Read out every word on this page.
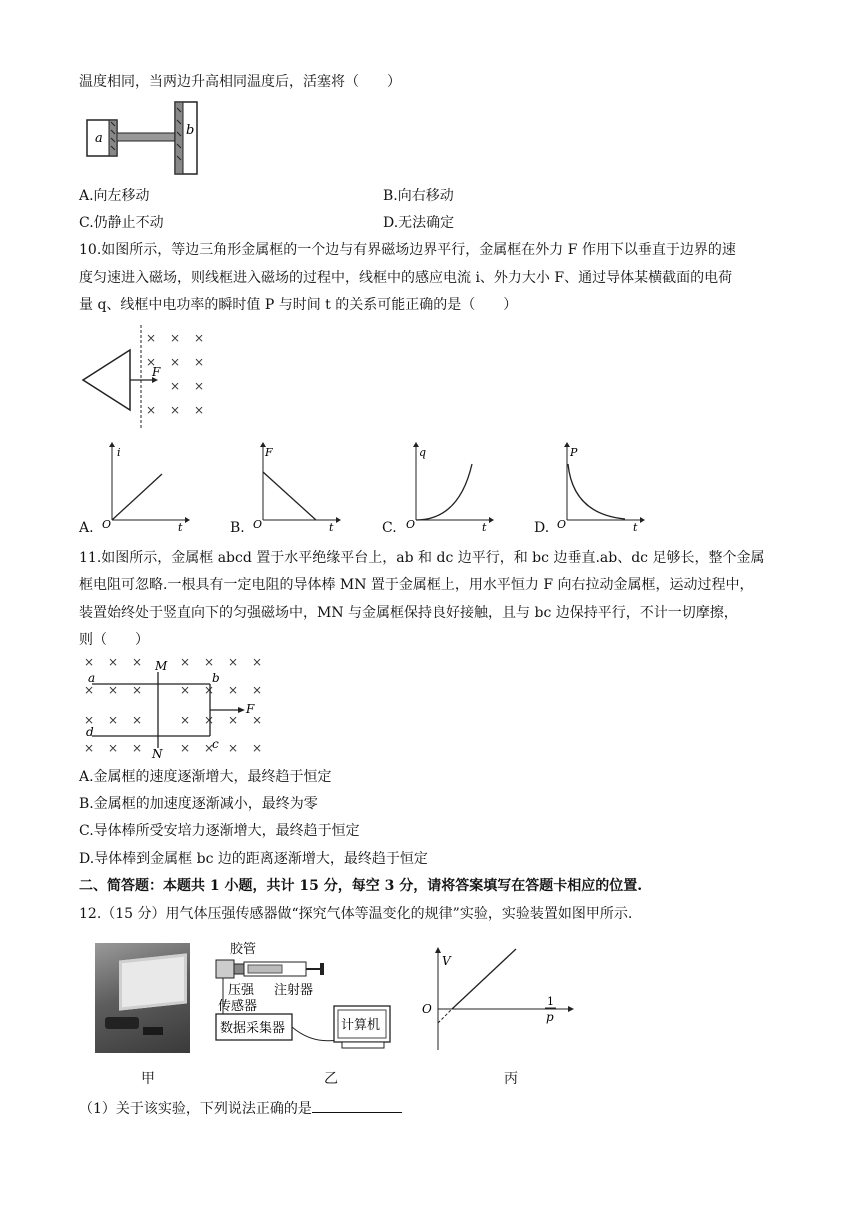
温度相同，当两边升高相同温度后，活塞将（　　）
a
b
A.向左移动	B.向右移动
C.仍静止不动	D.无法确定
10.如图所示，等边三角形金属框的一个边与有界磁场边界平行，金属框在外力 F 作用下以垂直于边界的速
度匀速进入磁场，则线框进入磁场的过程中，线框中的感应电流 i、外力大小 F、通过导体某横截面的电荷
量 q、线框中电功率的瞬时值 P 与时间 t 的关系可能正确的是（　　）
F
× × ×
× × ×
× ×
× × ×
A.
i
t
O	B.
F
t
O	C.
q
t
O	D.
P
t
O
11.如图所示，金属框 abcd 置于水平绝缘平台上，ab 和 dc 边平行，和 bc 边垂直.ab、dc 足够长，整个金属
框电阻可忽略.一根具有一定电阻的导体棒 MN 置于金属框上，用水平恒力 F 向右拉动金属框，运动过程中，
装置始终处于竖直向下的匀强磁场中，MN 与金属框保持良好接触，且与 bc 边保持平行，不计一切摩擦，
则（　　）
× × ×	× × × ×
× × ×	× × × ×
× × ×	× × × ×
× × ×	× × × ×
F
a	b
c
d
M
N
A.金属框的速度逐渐增大，最终趋于恒定
B.金属框的加速度逐渐减小，最终为零
C.导体棒所受安培力逐渐增大，最终趋于恒定
D.导体棒到金属框 bc 边的距离逐渐增大，最终趋于恒定
二、简答题：本题共 1 小题，共计 15 分，每空 3 分，请将答案填写在答题卡相应的位置.
12.（15 分）用气体压强传感器做“探究气体等温变化的规律”实验，实验装置如图甲所示.
胶管
注射器
压强
传感器
数据采集器	计算机
V
O
1
p
甲	乙	丙
（1）关于该实验，下列说法正确的是
